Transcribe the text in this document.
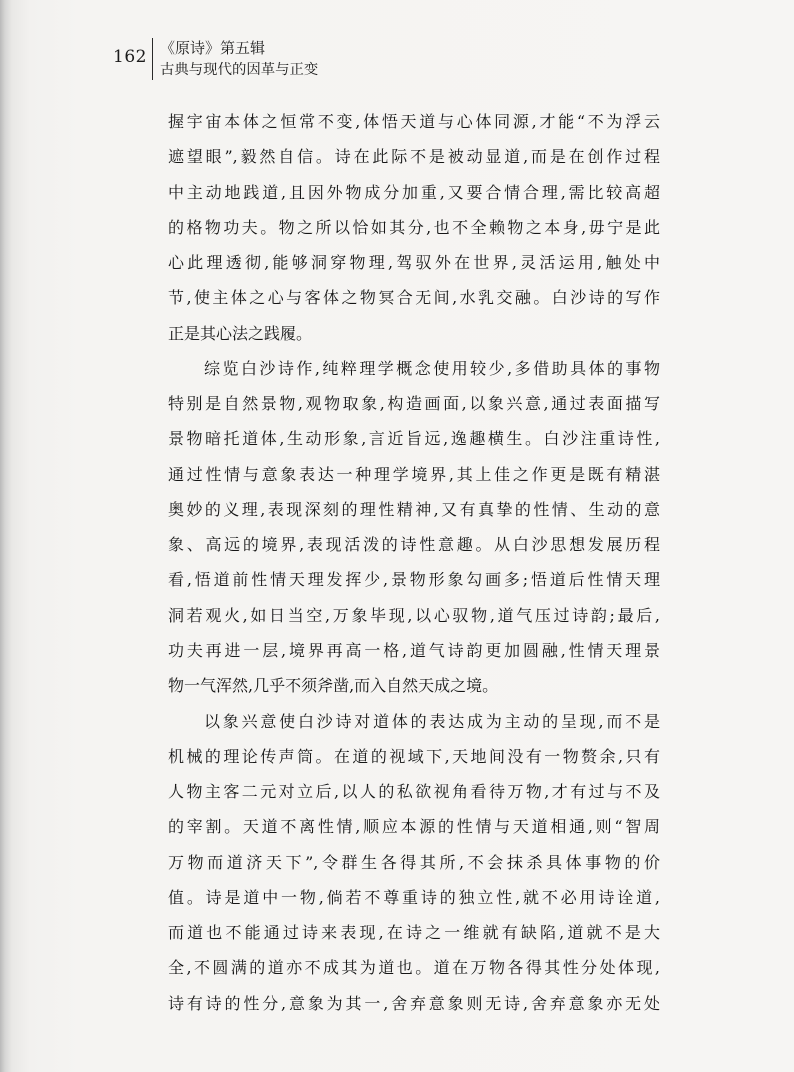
162 《原诗》第五辑
古典与现代的因革与正变
握宇宙本体之恒常不变,体悟天道与心体同源,才能“不为浮云
遮望眼”,毅然自信。诗在此际不是被动显道,而是在创作过程
中主动地践道,且因外物成分加重,又要合情合理,需比较高超
的格物功夫。物之所以恰如其分,也不全赖物之本身,毋宁是此
心此理透彻,能够洞穿物理,驾驭外在世界,灵活运用,触处中
节,使主体之心与客体之物冥合无间,水乳交融。白沙诗的写作
正是其心法之践履。
综览白沙诗作,纯粹理学概念使用较少,多借助具体的事物
特别是自然景物,观物取象,构造画面,以象兴意,通过表面描写
景物暗托道体,生动形象,言近旨远,逸趣横生。白沙注重诗性,
通过性情与意象表达一种理学境界,其上佳之作更是既有精湛
奥妙的义理,表现深刻的理性精神,又有真挚的性情、生动的意
象、高远的境界,表现活泼的诗性意趣。从白沙思想发展历程
看,悟道前性情天理发挥少,景物形象勾画多;悟道后性情天理
洞若观火,如日当空,万象毕现,以心驭物,道气压过诗韵;最后,
功夫再进一层,境界再高一格,道气诗韵更加圆融,性情天理景
物一气浑然,几乎不须斧凿,而入自然天成之境。
以象兴意使白沙诗对道体的表达成为主动的呈现,而不是
机械的理论传声筒。在道的视域下,天地间没有一物赘余,只有
人物主客二元对立后,以人的私欲视角看待万物,才有过与不及
的宰割。天道不离性情,顺应本源的性情与天道相通,则“智周
万物而道济天下”,令群生各得其所,不会抹杀具体事物的价
值。诗是道中一物,倘若不尊重诗的独立性,就不必用诗诠道,
而道也不能通过诗来表现,在诗之一维就有缺陷,道就不是大
全,不圆满的道亦不成其为道也。道在万物各得其性分处体现,
诗有诗的性分,意象为其一,舍弃意象则无诗,舍弃意象亦无处
